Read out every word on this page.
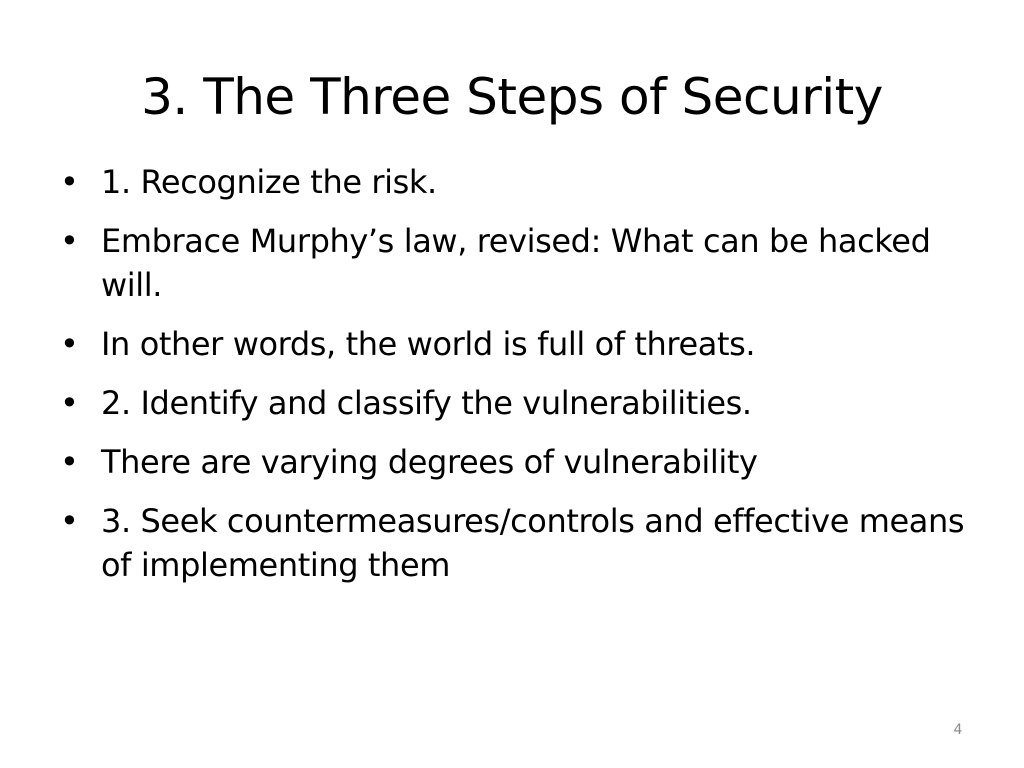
3. The Three Steps of Security
• 1. Recognize the risk.
• Embrace Murphy’s law, revised: What can be hacked will.
• In other words, the world is full of threats.
• 2. Identify and classify the vulnerabilities.
• There are varying degrees of vulnerability
• 3. Seek countermeasures/controls and effective means of implementing them
4
